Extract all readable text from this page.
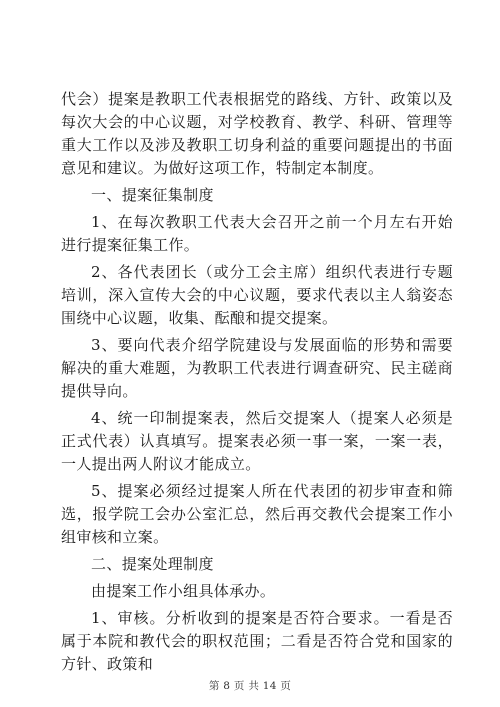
代会）提案是教职工代表根据党的路线、方针、政策以及每次大会的中心议题，对学校教育、教学、科研、管理等重大工作以及涉及教职工切身利益的重要问题提出的书面意见和建议。为做好这项工作，特制定本制度。

一、提案征集制度

1、在每次教职工代表大会召开之前一个月左右开始进行提案征集工作。

2、各代表团长（或分工会主席）组织代表进行专题培训，深入宣传大会的中心议题，要求代表以主人翁姿态围绕中心议题，收集、酝酿和提交提案。

3、要向代表介绍学院建设与发展面临的形势和需要解决的重大难题，为教职工代表进行调查研究、民主磋商提供导向。

4、统一印制提案表，然后交提案人（提案人必须是正式代表）认真填写。提案表必须一事一案，一案一表，一人提出两人附议才能成立。

5、提案必须经过提案人所在代表团的初步审查和筛选，报学院工会办公室汇总，然后再交教代会提案工作小组审核和立案。

二、提案处理制度

由提案工作小组具体承办。

1、审核。分析收到的提案是否符合要求。一看是否属于本院和教代会的职权范围；二看是否符合党和国家的方针、政策和

第 8 页 共 14 页
